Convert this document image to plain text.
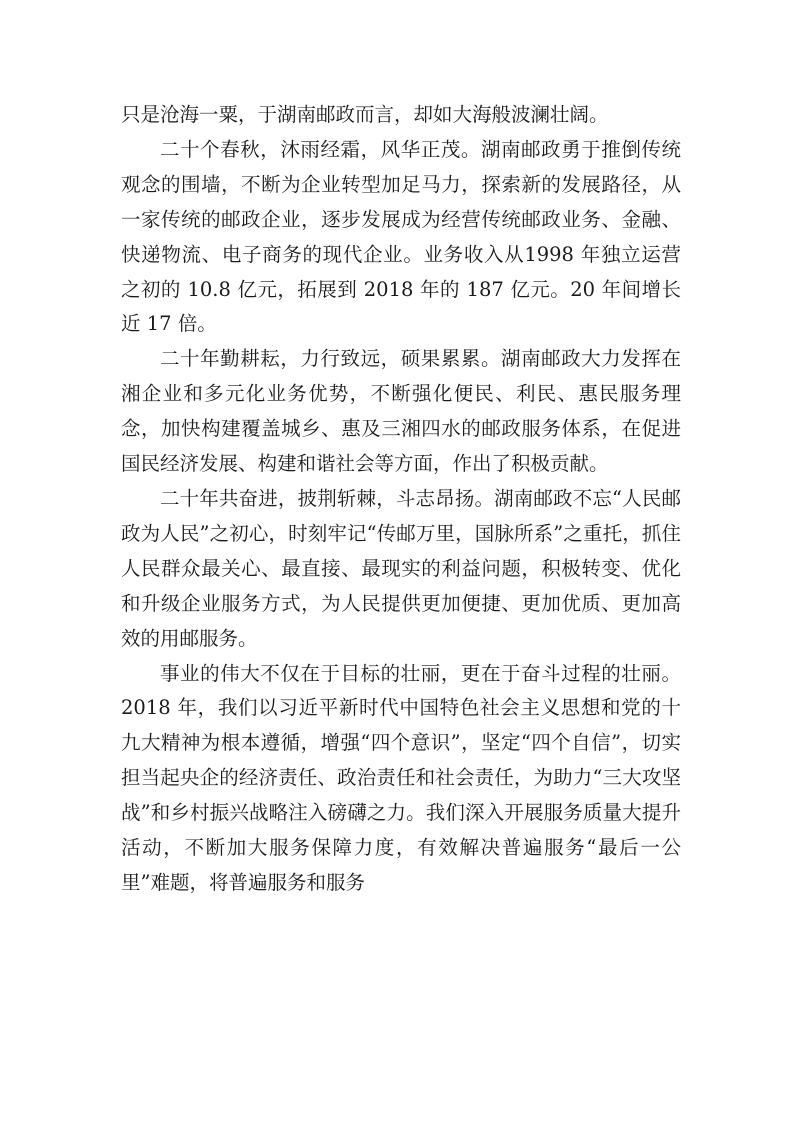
只是沧海一粟，于湖南邮政而言，却如大海般波澜壮阔。

二十个春秋，沐雨经霜，风华正茂。湖南邮政勇于推倒传统观念的围墙，不断为企业转型加足马力，探索新的发展路径，从一家传统的邮政企业，逐步发展成为经营传统邮政业务、金融、快递物流、电子商务的现代企业。业务收入从1998 年独立运营之初的 10.8 亿元，拓展到 2018 年的 187 亿元。20 年间增长近 17 倍。

二十年勤耕耘，力行致远，硕果累累。湖南邮政大力发挥在湘企业和多元化业务优势，不断强化便民、利民、惠民服务理念，加快构建覆盖城乡、惠及三湘四水的邮政服务体系，在促进国民经济发展、构建和谐社会等方面，作出了积极贡献。

二十年共奋进，披荆斩棘，斗志昂扬。湖南邮政不忘“人民邮政为人民”之初心，时刻牢记“传邮万里，国脉所系”之重托，抓住人民群众最关心、最直接、最现实的利益问题，积极转变、优化和升级企业服务方式，为人民提供更加便捷、更加优质、更加高效的用邮服务。

事业的伟大不仅在于目标的壮丽，更在于奋斗过程的壮丽。2018 年，我们以习近平新时代中国特色社会主义思想和党的十九大精神为根本遵循，增强“四个意识”，坚定“四个自信”，切实担当起央企的经济责任、政治责任和社会责任，为助力“三大攻坚战”和乡村振兴战略注入磅礴之力。我们深入开展服务质量大提升活动，不断加大服务保障力度，有效解决普遍服务“最后一公里”难题，将普遍服务和服务
